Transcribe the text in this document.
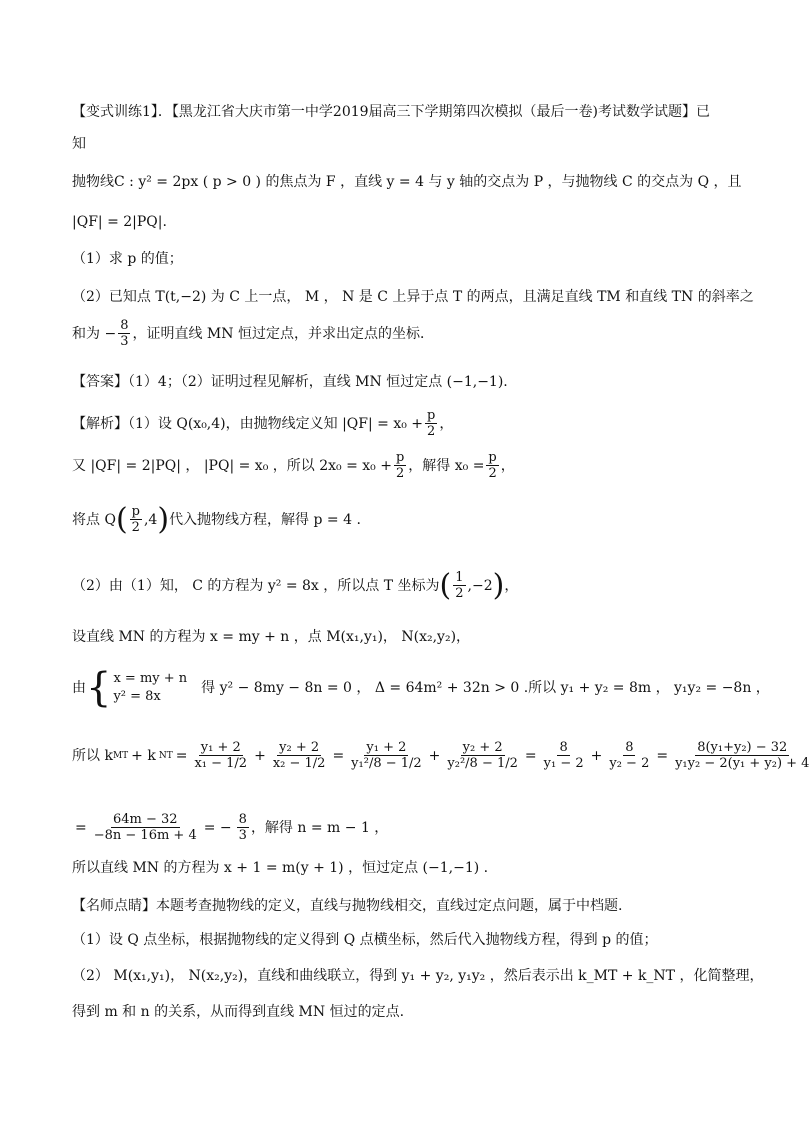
【变式训练1】．【黑龙江省大庆市第一中学2019届高三下学期第四次模拟（最后一卷)考试数学试题】已
知
抛物线C : y² = 2px ( p > 0 ) 的焦点为 F ，直线 y = 4 与 y 轴的交点为 P ，与抛物线 C 的交点为 Q ，且
|QF| = 2|PQ|.
（1）求 p 的值；
（2）已知点 T(t,−2) 为 C 上一点， M ， N 是 C 上异于点 T 的两点，且满足直线 TM 和直线 TN 的斜率之
和为 − $\frac{8}{3}$ ，证明直线 MN 恒过定点，并求出定点的坐标．
【答案】（1）4；（2）证明过程见解析，直线 MN 恒过定点 (−1,−1).
【解析】（1）设 Q(x₀,4)，由抛物线定义知 $|QF| = x_0 + \frac{p}{2}$ ，
又 |QF| = 2|PQ| ， |PQ| = x₀ ，所以 $2x_0 = x_0 + \frac{p}{2}$ ，解得 $x_0 = \frac{p}{2}$ ，
将点 Q ( $\frac{p}{2} ,4$ ) 代入抛物线方程，解得 p = 4 .
（2）由（1）知， C 的方程为 y² = 8x ，所以点 T 坐标为 ( $\frac{1}{2} ,-2$ ) ，
设直线 MN 的方程为 x = my + n ，点 M(x₁,y₁)， N(x₂,y₂)，
由 { x = my + n
y² = 8x
得 y² − 8my − 8n = 0 ， Δ = 64m² + 32n > 0 .所以 y₁ + y₂ = 8m ， y₁y₂ = −8n ，
所以 k MT + k NT = $\frac{\text{y₁ + 2}}{\text{x₁ − 1/2}} + \frac{\text{y₂ + 2}}{\text{x₂ − 1/2}} = \frac{\text{y₁ + 2}}{\text{y₁²/8 − 1/2}} + \frac{\text{y₂ + 2}}{\text{y₂²/8 − 1/2}} = \frac{8}{\text{y₁ − 2}} + \frac{8}{\text{y₂ − 2}} = \frac{\text{8(y₁+y₂) − 32}}{\text{y₁y₂ − 2(y₁ + y₂) + 4}}$
= $\frac{64m - 32}{-8n - 16m + 4}$ = − $\frac{8}{3}$ ，解得 n = m − 1 ，
所以直线 MN 的方程为 x + 1 = m(y + 1) ，恒过定点 (−1,−1) .
【名师点睛】本题考查抛物线的定义，直线与抛物线相交，直线过定点问题，属于中档题.
（1）设 Q 点坐标，根据抛物线的定义得到 Q 点横坐标，然后代入抛物线方程，得到 p 的值；
（2） M(x₁,y₁)， N(x₂,y₂)，直线和曲线联立，得到 y₁ + y₂, y₁y₂ ，然后表示出 k_MT + k_NT ，化简整理，
得到 m 和 n 的关系，从而得到直线 MN 恒过的定点.
